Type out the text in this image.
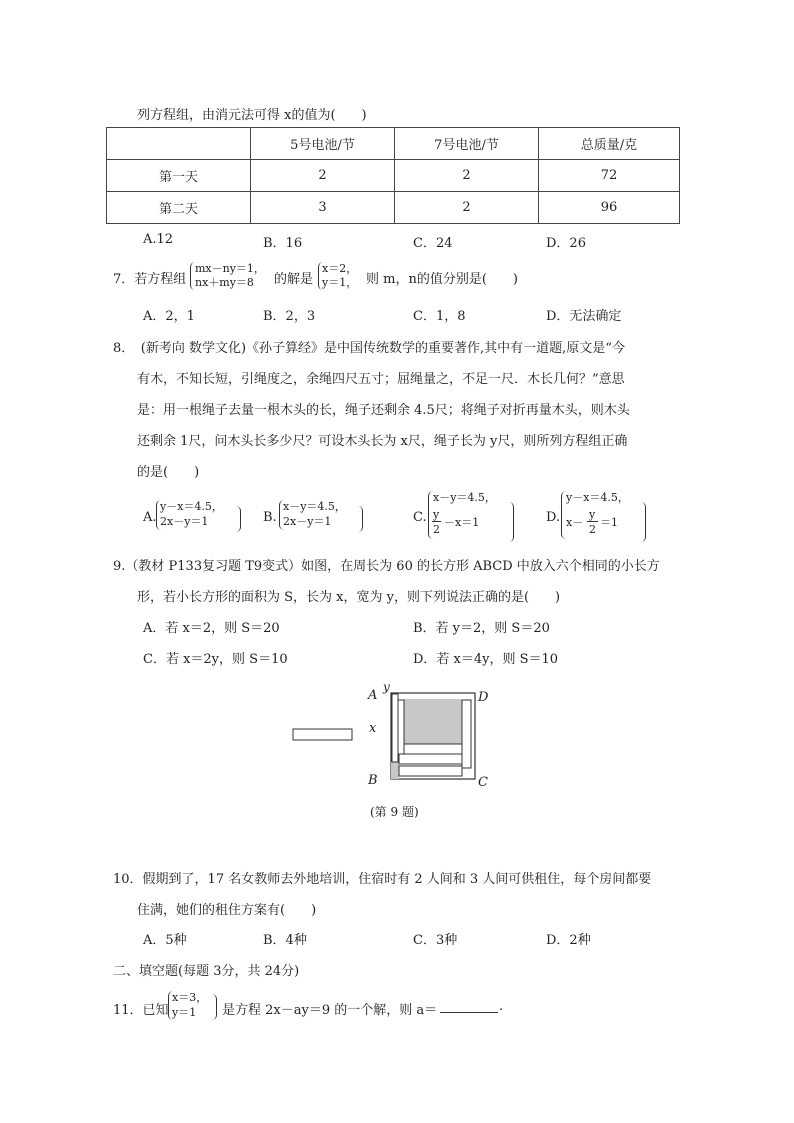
列方程组，由消元法可得 x的值为(　　)
	5号电池/节	7号电池/节	总质量/克
第一天	2	2	72
第二天	3	2	96
A.12	B．16	C．24	D．26
7．若方程组
mx－ny＝1，
nx＋my＝8 的解是
x＝2，
y＝1， 则 m，n的值分别是(　　)
A．2，1	B．2，3	C．1，8	D．无法确定
8．　(新考向 数学文化)《孙子算经》是中国传统数学的重要著作,其中有一道题,原文是“今
有木，不知长短，引绳度之，余绳四尺五寸；屈绳量之，不足一尺．木长几何？”意思
是：用一根绳子去量一根木头的长，绳子还剩余 4.5尺；将绳子对折再量木头，则木头
还剩余 1尺，问木头长多少尺？可设木头长为 x尺，绳子长为 y尺，则所列方程组正确
的是(　　)
A.
y－x＝4.5，
2x－y＝1	B.
x－y＝4.5，
2x－y＝1	C.
x－y＝4.5，
y
2
－x＝1	D.
y－x＝4.5，
x－
y
2
＝1
9.（教材 P133复习题 T9变式）如图，在周长为 60 的长方形 ABCD 中放入六个相同的小长方
形，若小长方形的面积为 S，长为 x，宽为 y，则下列说法正确的是(　　)
A．若 x＝2，则 S＝20	B．若 y＝2，则 S＝20
C．若 x＝2y，则 S＝10	D．若 x＝4y，则 S＝10
A
y
D
x
B	C
(第 9 题)
10．假期到了，17 名女教师去外地培训，住宿时有 2 人间和 3 人间可供租住，每个房间都要
住满，她们的租住方案有(　　)
A．5种	B．4种	C．3种	D．2种
二、填空题(每题 3分，共 24分)
11．已知
x＝3，
y＝1 是方程 2x－ay＝9 的一个解，则 a＝	.
